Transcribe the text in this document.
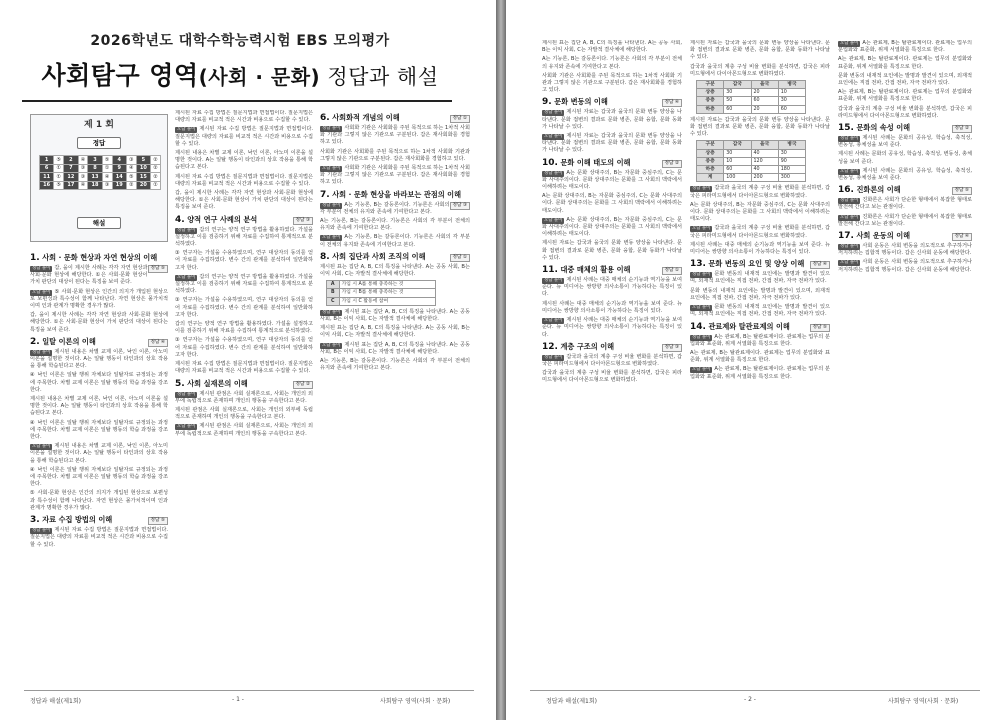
2026학년도 대학수학능력시험 EBS 모의평가
사회탐구 영역(사회 · 문화) 정답과 해설
제 1 회
정답
1	⑤	2	④	3	⑤	4	③	5	②
6	①	7	③	8	①	9	④	10	②
11	①	12	③	13	④	14	⑤	15	②
16	⑤	17	④	18	③	19	②	20	①
해설
1. 사회 · 문화 현상과 자연 현상의 이해
정답 ⑤

정답 풀이 갑, 을이 제시한 사례는 각각 자연 현상과 사회·문화 현상에 해당한다. ①은 사회·문화 현상이 가치 판단의 대상이 된다는 특징을 보여 준다.

오답 풀이 ⑤ 사회·문화 현상은 인간의 의지가 개입된 현상으로 보편성과 특수성이 함께 나타난다. 자연 현상은 몰가치적이며 인과 관계가 명확한 경우가 많다.

갑, 을이 제시한 사례는 각각 자연 현상과 사회·문화 현상에 해당한다. ①은 사회·문화 현상이 가치 판단의 대상이 된다는 특징을 보여 준다.

2. 일탈 이론의 이해	정답 ④

정답 풀이 제시된 내용은 차별 교제 이론, 낙인 이론, 아노미 이론을 설명한 것이다. A는 일탈 행동이 타인과의 상호 작용을 통해 학습된다고 본다.

④ 낙인 이론은 일탈 행위 자체보다 일탈자로 규정되는 과정에 주목한다. 차별 교제 이론은 일탈 행동의 학습 과정을 강조한다.

제시된 내용은 차별 교제 이론, 낙인 이론, 아노미 이론을 설명한 것이다. A는 일탈 행동이 타인과의 상호 작용을 통해 학습된다고 본다.

④ 낙인 이론은 일탈 행위 자체보다 일탈자로 규정되는 과정에 주목한다. 차별 교제 이론은 일탈 행동의 학습 과정을 강조한다.

오답 풀이 제시된 내용은 차별 교제 이론, 낙인 이론, 아노미 이론을 설명한 것이다. A는 일탈 행동이 타인과의 상호 작용을 통해 학습된다고 본다.

④ 낙인 이론은 일탈 행위 자체보다 일탈자로 규정되는 과정에 주목한다. 차별 교제 이론은 일탈 행동의 학습 과정을 강조한다.

⑤ 사회·문화 현상은 인간의 의지가 개입된 현상으로 보편성과 특수성이 함께 나타난다. 자연 현상은 몰가치적이며 인과 관계가 명확한 경우가 많다.

3. 자료 수집 방법의 이해	정답 ⑤

정답 풀이 제시된 자료 수집 방법은 질문지법과 면접법이다. 질문지법은 대량의 자료를 비교적 적은 시간과 비용으로 수집할 수 있다.

제시된 자료 수집 방법은 질문지법과 면접법이다. 질문지법은 대량의 자료를 비교적 적은 시간과 비용으로 수집할 수 있다.

오답 풀이 제시된 자료 수집 방법은 질문지법과 면접법이다. 질문지법은 대량의 자료를 비교적 적은 시간과 비용으로 수집할 수 있다.

제시된 내용은 차별 교제 이론, 낙인 이론, 아노미 이론을 설명한 것이다. A는 일탈 행동이 타인과의 상호 작용을 통해 학습된다고 본다.

제시된 자료 수집 방법은 질문지법과 면접법이다. 질문지법은 대량의 자료를 비교적 적은 시간과 비용으로 수집할 수 있다.

갑, 을이 제시한 사례는 각각 자연 현상과 사회·문화 현상에 해당한다. ①은 사회·문화 현상이 가치 판단의 대상이 된다는 특징을 보여 준다.

4. 양적 연구 사례의 분석	정답 ③

정답 풀이 갑의 연구는 양적 연구 방법을 활용하였다. 가설을 설정하고 이를 검증하기 위해 자료를 수집하여 통계적으로 분석하였다.

③ 연구자는 가설을 수용하였으며, 연구 대상자의 동의를 얻어 자료를 수집하였다. 변수 간의 관계를 분석하여 일반화하고자 한다.

오답 풀이 갑의 연구는 양적 연구 방법을 활용하였다. 가설을 설정하고 이를 검증하기 위해 자료를 수집하여 통계적으로 분석하였다.

③ 연구자는 가설을 수용하였으며, 연구 대상자의 동의를 얻어 자료를 수집하였다. 변수 간의 관계를 분석하여 일반화하고자 한다.

갑의 연구는 양적 연구 방법을 활용하였다. 가설을 설정하고 이를 검증하기 위해 자료를 수집하여 통계적으로 분석하였다.

③ 연구자는 가설을 수용하였으며, 연구 대상자의 동의를 얻어 자료를 수집하였다. 변수 간의 관계를 분석하여 일반화하고자 한다.

제시된 자료 수집 방법은 질문지법과 면접법이다. 질문지법은 대량의 자료를 비교적 적은 시간과 비용으로 수집할 수 있다.

5. 사회 실재론의 이해	정답 ②

정답 풀이 제시된 관점은 사회 실재론으로, 사회는 개인의 외부에 독립적으로 존재하며 개인의 행동을 구속한다고 본다.

제시된 관점은 사회 실재론으로, 사회는 개인의 외부에 독립적으로 존재하며 개인의 행동을 구속한다고 본다.

오답 풀이 제시된 관점은 사회 실재론으로, 사회는 개인의 외부에 독립적으로 존재하며 개인의 행동을 구속한다고 본다.

6. 사회화적 개념의 이해	정답 ①

정답 풀이 사회화 기관은 사회화를 주된 목적으로 하는 1차적 사회화 기관과 그렇지 않은 기관으로 구분된다. 갑은 재사회화를 경험하고 있다.

사회화 기관은 사회화를 주된 목적으로 하는 1차적 사회화 기관과 그렇지 않은 기관으로 구분된다. 갑은 재사회화를 경험하고 있다.

오답 풀이 사회화 기관은 사회화를 주된 목적으로 하는 1차적 사회화 기관과 그렇지 않은 기관으로 구분된다. 갑은 재사회화를 경험하고 있다.

7. 사회 · 문화 현상을 바라보는 관점의 이해
정답 ③

정답 풀이 A는 기능론, B는 갈등론이다. 기능론은 사회의 각 부분이 전체의 유지와 존속에 기여한다고 본다.

A는 기능론, B는 갈등론이다. 기능론은 사회의 각 부분이 전체의 유지와 존속에 기여한다고 본다.

오답 풀이 A는 기능론, B는 갈등론이다. 기능론은 사회의 각 부분이 전체의 유지와 존속에 기여한다고 본다.

8. 사회 집단과 사회 조직의 이해	정답 ①

제시된 표는 집단 A, B, C의 특징을 나타낸다. A는 공동 사회, B는 이익 사회, C는 자발적 결사체에 해당한다.

A	가입 시 A를 통해 충족하는 것
B	가입 시 B를 통해 충족하는 것
C	가입 시 C 활동에 참여

정답 풀이 제시된 표는 집단 A, B, C의 특징을 나타낸다. A는 공동 사회, B는 이익 사회, C는 자발적 결사체에 해당한다.

제시된 표는 집단 A, B, C의 특징을 나타낸다. A는 공동 사회, B는 이익 사회, C는 자발적 결사체에 해당한다.

오답 풀이 제시된 표는 집단 A, B, C의 특징을 나타낸다. A는 공동 사회, B는 이익 사회, C는 자발적 결사체에 해당한다.

A는 기능론, B는 갈등론이다. 기능론은 사회의 각 부분이 전체의 유지와 존속에 기여한다고 본다.

정답과 해설(제1회)	- 1 -	사회탐구 영역(사회 · 문화)

제시된 표는 집단 A, B, C의 특징을 나타낸다. A는 공동 사회, B는 이익 사회, C는 자발적 결사체에 해당한다.

A는 기능론, B는 갈등론이다. 기능론은 사회의 각 부분이 전체의 유지와 존속에 기여한다고 본다.

사회화 기관은 사회화를 주된 목적으로 하는 1차적 사회화 기관과 그렇지 않은 기관으로 구분된다. 갑은 재사회화를 경험하고 있다.

9. 문화 변동의 이해	정답 ④

정답 풀이 제시된 자료는 갑국과 을국의 문화 변동 양상을 나타낸다. 문화 접변의 결과로 문화 병존, 문화 융합, 문화 동화가 나타날 수 있다.

오답 풀이 제시된 자료는 갑국과 을국의 문화 변동 양상을 나타낸다. 문화 접변의 결과로 문화 병존, 문화 융합, 문화 동화가 나타날 수 있다.

10. 문화 이해 태도의 이해	정답 ②

정답 풀이 A는 문화 상대주의, B는 자문화 중심주의, C는 문화 사대주의이다. 문화 상대주의는 문화를 그 사회의 맥락에서 이해하려는 태도이다.

A는 문화 상대주의, B는 자문화 중심주의, C는 문화 사대주의이다. 문화 상대주의는 문화를 그 사회의 맥락에서 이해하려는 태도이다.

오답 풀이 A는 문화 상대주의, B는 자문화 중심주의, C는 문화 사대주의이다. 문화 상대주의는 문화를 그 사회의 맥락에서 이해하려는 태도이다.

제시된 자료는 갑국과 을국의 문화 변동 양상을 나타낸다. 문화 접변의 결과로 문화 병존, 문화 융합, 문화 동화가 나타날 수 있다.

11. 대중 매체의 활용 이해	정답 ①

정답 풀이 제시된 사례는 대중 매체의 순기능과 역기능을 보여 준다. 뉴 미디어는 쌍방향 의사소통이 가능하다는 특징이 있다.

제시된 사례는 대중 매체의 순기능과 역기능을 보여 준다. 뉴 미디어는 쌍방향 의사소통이 가능하다는 특징이 있다.

오답 풀이 제시된 사례는 대중 매체의 순기능과 역기능을 보여 준다. 뉴 미디어는 쌍방향 의사소통이 가능하다는 특징이 있다.

12. 계층 구조의 이해	정답 ③

정답 풀이 갑국과 을국의 계층 구성 비율 변화를 분석하면, 갑국은 피라미드형에서 다이아몬드형으로 변화하였다.

갑국과 을국의 계층 구성 비율 변화를 분석하면, 갑국은 피라미드형에서 다이아몬드형으로 변화하였다.

제시된 자료는 갑국과 을국의 문화 변동 양상을 나타낸다. 문화 접변의 결과로 문화 병존, 문화 융합, 문화 동화가 나타날 수 있다.

갑국과 을국의 계층 구성 비율 변화를 분석하면, 갑국은 피라미드형에서 다이아몬드형으로 변화하였다.

구분	갑국	을국	병국
상층	30	20	10
중층	50	60	30
하층	60	20	60

제시된 자료는 갑국과 을국의 문화 변동 양상을 나타낸다. 문화 접변의 결과로 문화 병존, 문화 융합, 문화 동화가 나타날 수 있다.

구분	갑국	을국	병국
상층	30	40	30
중층	10	120	90
하층	60	40	180
계	100	200	300

정답 풀이 갑국과 을국의 계층 구성 비율 변화를 분석하면, 갑국은 피라미드형에서 다이아몬드형으로 변화하였다.

A는 문화 상대주의, B는 자문화 중심주의, C는 문화 사대주의이다. 문화 상대주의는 문화를 그 사회의 맥락에서 이해하려는 태도이다.

오답 풀이 갑국과 을국의 계층 구성 비율 변화를 분석하면, 갑국은 피라미드형에서 다이아몬드형으로 변화하였다.

제시된 사례는 대중 매체의 순기능과 역기능을 보여 준다. 뉴 미디어는 쌍방향 의사소통이 가능하다는 특징이 있다.

13. 문화 변동의 요인 및 양상 이해	정답 ④

정답 풀이 문화 변동의 내재적 요인에는 발명과 발견이 있으며, 외재적 요인에는 직접 전파, 간접 전파, 자극 전파가 있다.

문화 변동의 내재적 요인에는 발명과 발견이 있으며, 외재적 요인에는 직접 전파, 간접 전파, 자극 전파가 있다.

오답 풀이 문화 변동의 내재적 요인에는 발명과 발견이 있으며, 외재적 요인에는 직접 전파, 간접 전파, 자극 전파가 있다.

14. 관료제와 탈관료제의 이해	정답 ⑤

정답 풀이 A는 관료제, B는 탈관료제이다. 관료제는 업무의 분업화와 표준화, 위계 서열화를 특징으로 한다.

A는 관료제, B는 탈관료제이다. 관료제는 업무의 분업화와 표준화, 위계 서열화를 특징으로 한다.

오답 풀이 A는 관료제, B는 탈관료제이다. 관료제는 업무의 분업화와 표준화, 위계 서열화를 특징으로 한다.

오답 풀이 A는 관료제, B는 탈관료제이다. 관료제는 업무의 분업화와 표준화, 위계 서열화를 특징으로 한다.

A는 관료제, B는 탈관료제이다. 관료제는 업무의 분업화와 표준화, 위계 서열화를 특징으로 한다.

문화 변동의 내재적 요인에는 발명과 발견이 있으며, 외재적 요인에는 직접 전파, 간접 전파, 자극 전파가 있다.

A는 관료제, B는 탈관료제이다. 관료제는 업무의 분업화와 표준화, 위계 서열화를 특징으로 한다.

갑국과 을국의 계층 구성 비율 변화를 분석하면, 갑국은 피라미드형에서 다이아몬드형으로 변화하였다.

15. 문화의 속성 이해	정답 ②

정답 풀이 제시된 사례는 문화의 공유성, 학습성, 축적성, 변동성, 총체성을 보여 준다.

제시된 사례는 문화의 공유성, 학습성, 축적성, 변동성, 총체성을 보여 준다.

오답 풀이 제시된 사례는 문화의 공유성, 학습성, 축적성, 변동성, 총체성을 보여 준다.

16. 진화론의 이해	정답 ⑤

정답 풀이 진화론은 사회가 단순한 형태에서 복잡한 형태로 발전해 간다고 보는 관점이다.

오답 풀이 진화론은 사회가 단순한 형태에서 복잡한 형태로 발전해 간다고 보는 관점이다.

17. 사회 운동의 이해	정답 ④

정답 풀이 사회 운동은 사회 변동을 의도적으로 추구하거나 저지하려는 집합적 행동이다. 갑은 신사회 운동에 해당한다.

오답 풀이 사회 운동은 사회 변동을 의도적으로 추구하거나 저지하려는 집합적 행동이다. 갑은 신사회 운동에 해당한다.

정답과 해설(제1회)	- 2 -	사회탐구 영역(사회 · 문화)
